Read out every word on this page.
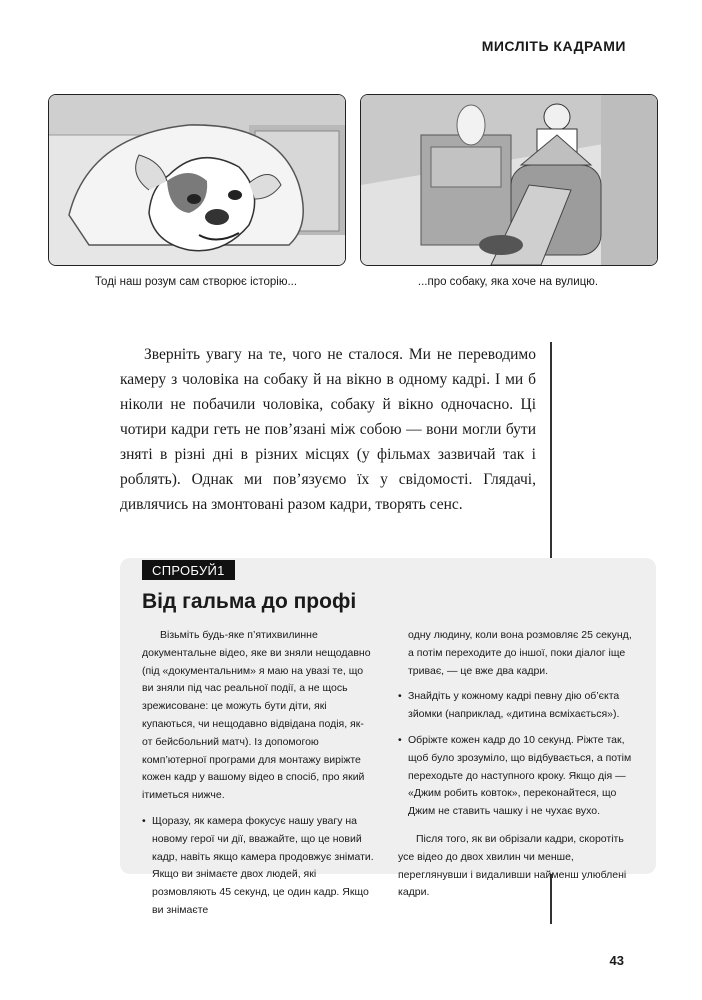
МИСЛІТЬ КАДРАМИ
Тоді наш розум сам створює історію...	...про собаку, яка хоче на вулицю.

Зверніть увагу на те, чого не сталося. Ми не переводимо камеру з чоловіка на собаку й на вікно в одному кадрі. І ми б ніколи не побачили чоловіка, собаку й вікно одночасно. Ці чотири кадри геть не пов’язані між собою — вони могли бути зняті в різні дні в різних місцях (у фільмах зазвичай так і роблять). Однак ми пов’язуємо їх у свідомості. Глядачі, дивлячись на змонтовані разом кадри, творять сенс.

СПРОБУЙ1
Від гальма до профі

Візьміть будь-яке п’ятихвилинне документальне відео, яке ви зняли нещодавно (під «документальним» я маю на увазі те, що ви зняли під час реальної події, а не щось зрежисоване: це можуть бути діти, які купаються, чи нещодавно відвідана подія, як-от бейсбольний матч). Із допомогою комп’ютерної програми для монтажу виріжте кожен кадр у вашому відео в спосіб, про який ітиметься нижче.

• Щоразу, як камера фокусує нашу увагу на новому герої чи дії, вважайте, що це новий кадр, навіть якщо камера продовжує знімати. Якщо ви знімаєте двох людей, які розмовляють 45 секунд, це один кадр. Якщо ви знімаєте

одну людину, коли вона розмовляє 25 секунд, а потім переходите до іншої, поки діалог іще триває, — це вже два кадри.

• Знайдіть у кожному кадрі певну дію об’єкта зйомки (наприклад, «дитина всміхається»).
• Обріжте кожен кадр до 10 секунд. Ріжте так, щоб було зрозуміло, що відбувається, а потім переходьте до наступного кроку. Якщо дія — «Джим робить ковток», переконайтеся, що Джим не ставить чашку і не чухає вухо.

Після того, як ви обрізали кадри, скоротіть усе відео до двох хвилин чи менше, переглянувши і видаливши найменш улюблені кадри.

43
